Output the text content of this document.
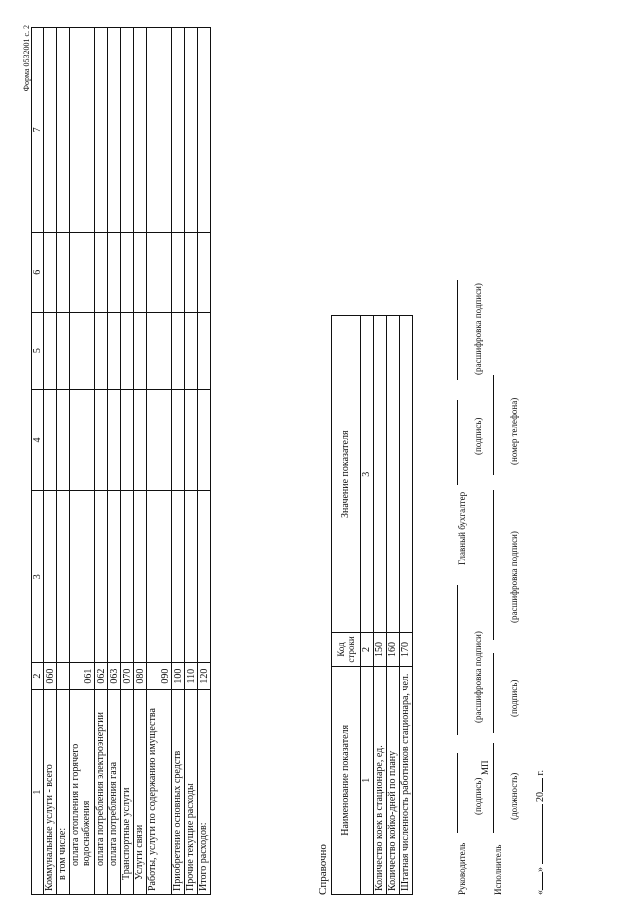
Форма 0532001 с. 2
1	2	3	4	5	6	7
Коммунальные услуги - всего	060					
в том числе:						
оплата отопления и горячего водоснабжения	061					
оплата потребления электроэнергии	062					
оплата потребления газа	063					
Транспортные услуги	070					
Услуги связи	080					
Работы, услуги по содержанию имущества	090					
Приобретение основных средств	100					
Прочие текущие расходы	110					
Итого расходов:	120					
Справочно
Наименование показателя	Код строки	Значение показателя
1	2	3
Количество коек в стационаре, ед.	150	
Количество койко-дней по плану	160	
Штатная численность работников стационара, чел.	170	
Руководитель
(подпись)
(расшифровка подписи)
Главный бухгалтер
(подпись)
(расшифровка подписи)
МП
Исполнитель
(должность)
(подпись)
(расшифровка подписи)
(номер телефона)
«»  20 г.
